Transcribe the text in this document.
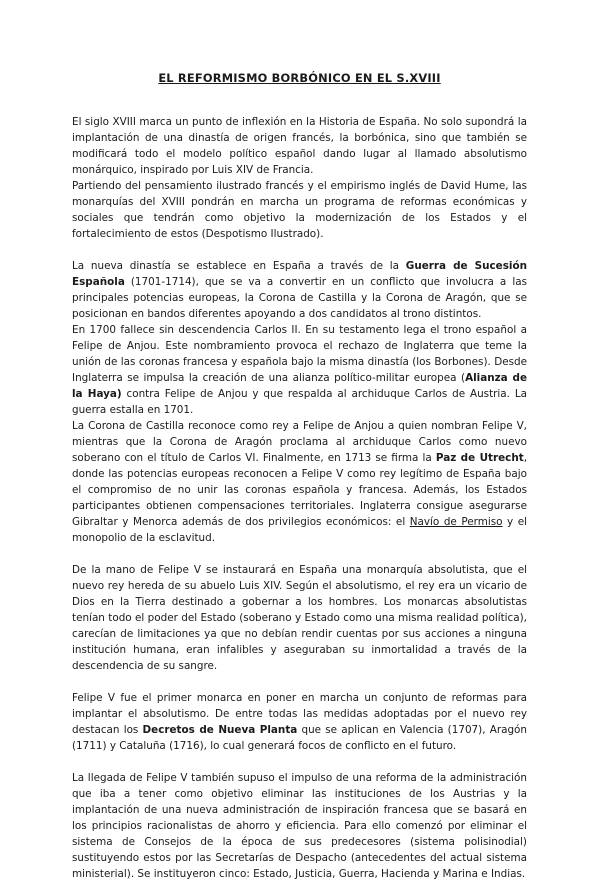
EL REFORMISMO BORBÓNICO EN EL S.XVIII

El siglo XVIII marca un punto de inflexión en la Historia de España. No solo supondrá la implantación de una dinastía de origen francés, la borbónica, sino que también se modificará todo el modelo político español dando lugar al llamado absolutismo monárquico, inspirado por Luis XIV de Francia.

Partiendo del pensamiento ilustrado francés y el empirismo inglés de David Hume, las monarquías del XVIII pondrán en marcha un programa de reformas económicas y sociales que tendrán como objetivo la modernización de los Estados y el fortalecimiento de estos (Despotismo Ilustrado).

La nueva dinastía se establece en España a través de la Guerra de Sucesión Española (1701-1714), que se va a convertir en un conflicto que involucra a las principales potencias europeas, la Corona de Castilla y la Corona de Aragón, que se posicionan en bandos diferentes apoyando a dos candidatos al trono distintos.

En 1700 fallece sin descendencia Carlos II. En su testamento lega el trono español a Felipe de Anjou. Este nombramiento provoca el rechazo de Inglaterra que teme la unión de las coronas francesa y española bajo la misma dinastía (los Borbones). Desde Inglaterra se impulsa la creación de una alianza político-militar europea (Alianza de la Haya) contra Felipe de Anjou y que respalda al archiduque Carlos de Austria. La guerra estalla en 1701.

La Corona de Castilla reconoce como rey a Felipe de Anjou a quien nombran Felipe V, mientras que la Corona de Aragón proclama al archiduque Carlos como nuevo soberano con el título de Carlos VI. Finalmente, en 1713 se firma la Paz de Utrecht, donde las potencias europeas reconocen a Felipe V como rey legítimo de España bajo el compromiso de no unir las coronas española y francesa. Además, los Estados participantes obtienen compensaciones territoriales. Inglaterra consigue asegurarse Gibraltar y Menorca además de dos privilegios económicos: el Navío de Permiso y el monopolio de la esclavitud.

De la mano de Felipe V se instaurará en España una monarquía absolutista, que el nuevo rey hereda de su abuelo Luis XIV. Según el absolutismo, el rey era un vicario de Dios en la Tierra destinado a gobernar a los hombres. Los monarcas absolutistas tenían todo el poder del Estado (soberano y Estado como una misma realidad política), carecían de limitaciones ya que no debían rendir cuentas por sus acciones a ninguna institución humana, eran infalibles y aseguraban su inmortalidad a través de la descendencia de su sangre.

Felipe V fue el primer monarca en poner en marcha un conjunto de reformas para implantar el absolutismo. De entre todas las medidas adoptadas por el nuevo rey destacan los Decretos de Nueva Planta que se aplican en Valencia (1707), Aragón (1711) y Cataluña (1716), lo cual generará focos de conflicto en el futuro.

La llegada de Felipe V también supuso el impulso de una reforma de la administración que iba a tener como objetivo eliminar las instituciones de los Austrias y la implantación de una nueva administración de inspiración francesa que se basará en los principios racionalistas de ahorro y eficiencia. Para ello comenzó por eliminar el sistema de Consejos de la época de sus predecesores (sistema polisinodial) sustituyendo estos por las Secretarías de Despacho (antecedentes del actual sistema ministerial). Se instituyeron cinco: Estado, Justicia, Guerra, Hacienda y Marina e Indias.
